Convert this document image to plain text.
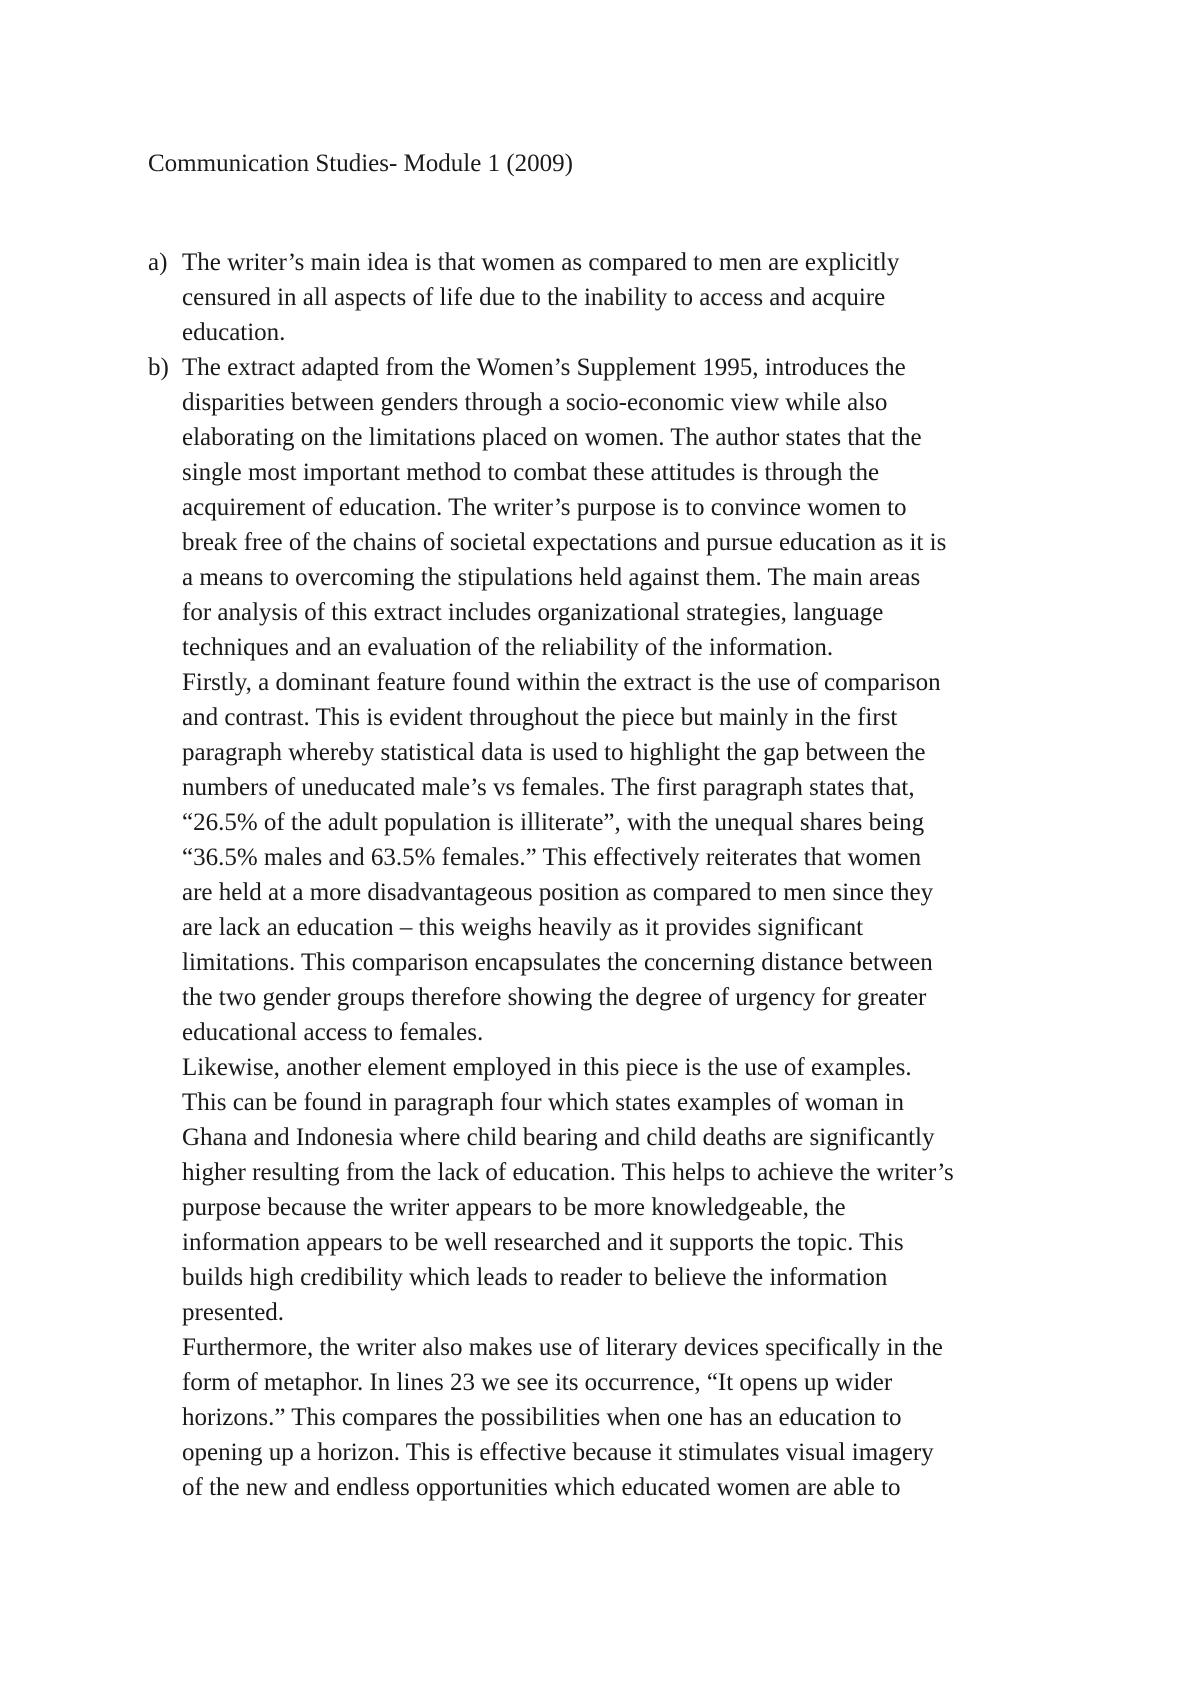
Communication Studies- Module 1 (2009)
a) The writer’s main idea is that women as compared to men are explicitly
censured in all aspects of life due to the inability to access and acquire
education.
b) The extract adapted from the Women’s Supplement 1995, introduces the
disparities between genders through a socio-economic view while also
elaborating on the limitations placed on women. The author states that the
single most important method to combat these attitudes is through the
acquirement of education. The writer’s purpose is to convince women to
break free of the chains of societal expectations and pursue education as it is
a means to overcoming the stipulations held against them. The main areas
for analysis of this extract includes organizational strategies, language
techniques and an evaluation of the reliability of the information.
Firstly, a dominant feature found within the extract is the use of comparison
and contrast. This is evident throughout the piece but mainly in the first
paragraph whereby statistical data is used to highlight the gap between the
numbers of uneducated male’s vs females. The first paragraph states that,
“26.5% of the adult population is illiterate”, with the unequal shares being
“36.5% males and 63.5% females.” This effectively reiterates that women
are held at a more disadvantageous position as compared to men since they
are lack an education – this weighs heavily as it provides significant
limitations. This comparison encapsulates the concerning distance between
the two gender groups therefore showing the degree of urgency for greater
educational access to females.
Likewise, another element employed in this piece is the use of examples.
This can be found in paragraph four which states examples of woman in
Ghana and Indonesia where child bearing and child deaths are significantly
higher resulting from the lack of education. This helps to achieve the writer’s
purpose because the writer appears to be more knowledgeable, the
information appears to be well researched and it supports the topic. This
builds high credibility which leads to reader to believe the information
presented.
Furthermore, the writer also makes use of literary devices specifically in the
form of metaphor. In lines 23 we see its occurrence, “It opens up wider
horizons.” This compares the possibilities when one has an education to
opening up a horizon. This is effective because it stimulates visual imagery
of the new and endless opportunities which educated women are able to
